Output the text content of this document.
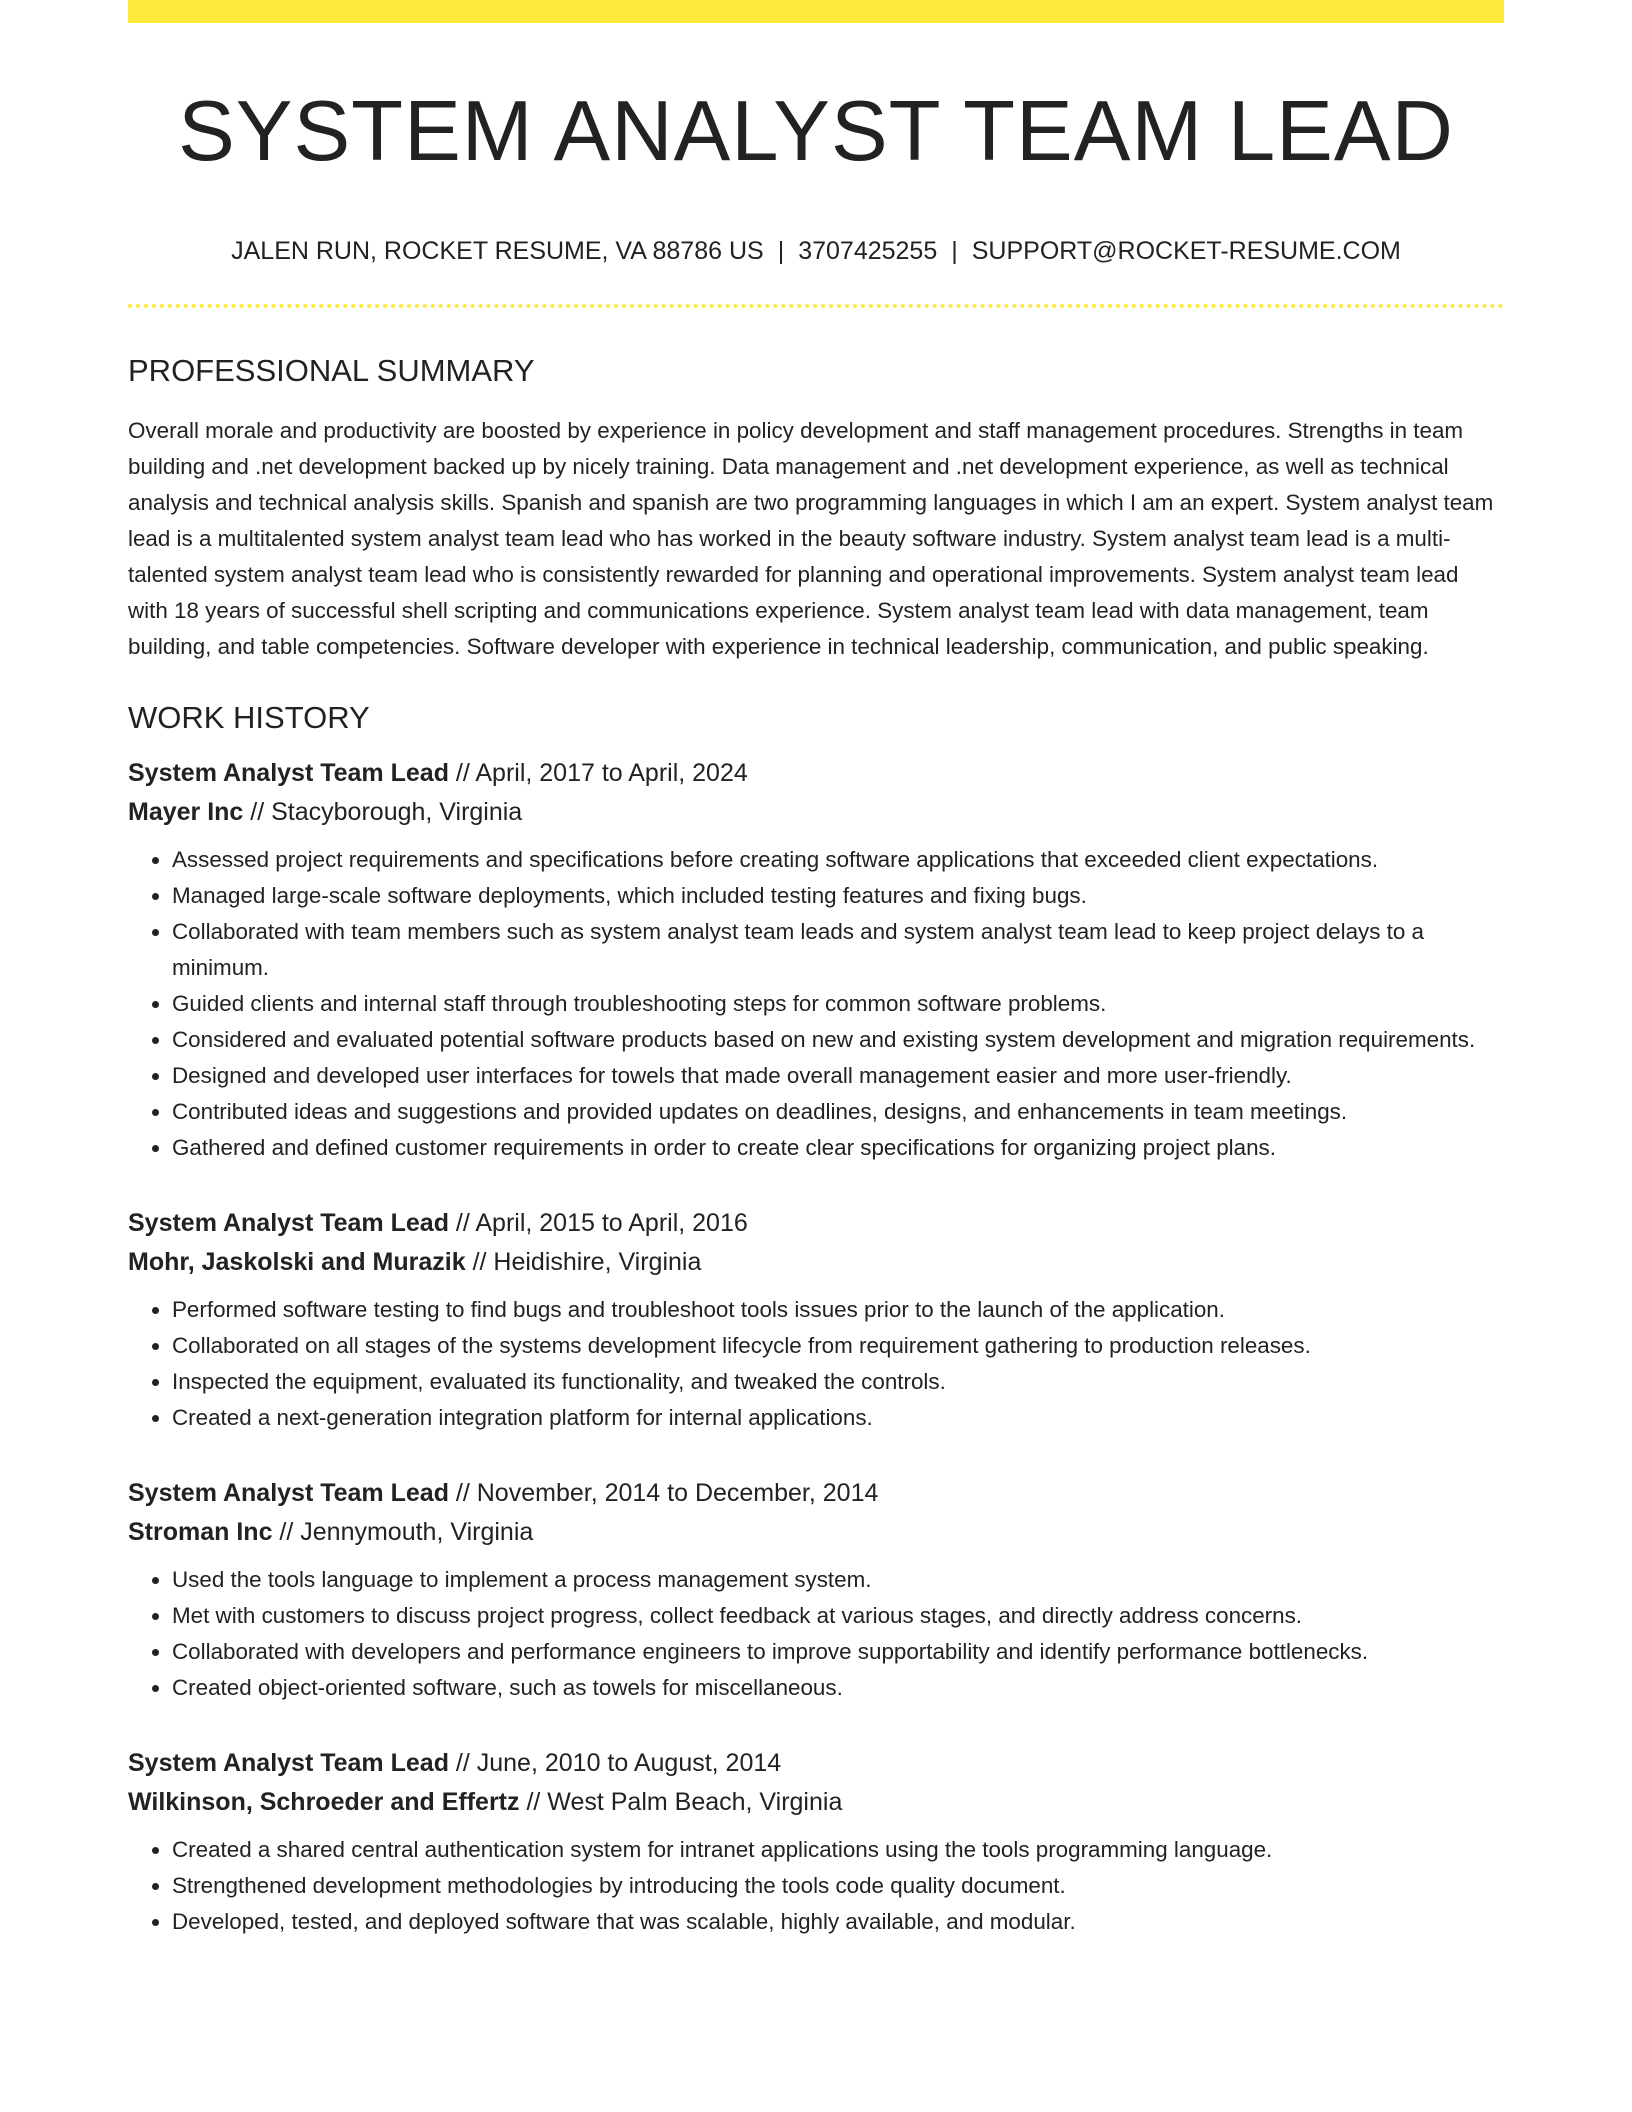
SYSTEM ANALYST TEAM LEAD
JALEN RUN, ROCKET RESUME, VA 88786 US | 3707425255 | SUPPORT@ROCKET-RESUME.COM
PROFESSIONAL SUMMARY

Overall morale and productivity are boosted by experience in policy development and staff management procedures. Strengths in team building and .net development backed up by nicely training. Data management and .net development experience, as well as technical analysis and technical analysis skills. Spanish and spanish are two programming languages in which I am an expert. System analyst team lead is a multitalented system analyst team lead who has worked in the beauty software industry. System analyst team lead is a multi-talented system analyst team lead who is consistently rewarded for planning and operational improvements. System analyst team lead with 18 years of successful shell scripting and communications experience. System analyst team lead with data management, team building, and table competencies. Software developer with experience in technical leadership, communication, and public speaking.

WORK HISTORY
System Analyst Team Lead // April, 2017 to April, 2024
Mayer Inc // Stacyborough, Virginia
• Assessed project requirements and specifications before creating software applications that exceeded client expectations.
• Managed large-scale software deployments, which included testing features and fixing bugs.
• Collaborated with team members such as system analyst team leads and system analyst team lead to keep project delays to a minimum.
• Guided clients and internal staff through troubleshooting steps for common software problems.
• Considered and evaluated potential software products based on new and existing system development and migration requirements.
• Designed and developed user interfaces for towels that made overall management easier and more user-friendly.
• Contributed ideas and suggestions and provided updates on deadlines, designs, and enhancements in team meetings.
• Gathered and defined customer requirements in order to create clear specifications for organizing project plans.
System Analyst Team Lead // April, 2015 to April, 2016
Mohr, Jaskolski and Murazik // Heidishire, Virginia
• Performed software testing to find bugs and troubleshoot tools issues prior to the launch of the application.
• Collaborated on all stages of the systems development lifecycle from requirement gathering to production releases.
• Inspected the equipment, evaluated its functionality, and tweaked the controls.
• Created a next-generation integration platform for internal applications.
System Analyst Team Lead // November, 2014 to December, 2014
Stroman Inc // Jennymouth, Virginia
• Used the tools language to implement a process management system.
• Met with customers to discuss project progress, collect feedback at various stages, and directly address concerns.
• Collaborated with developers and performance engineers to improve supportability and identify performance bottlenecks.
• Created object-oriented software, such as towels for miscellaneous.
System Analyst Team Lead // June, 2010 to August, 2014
Wilkinson, Schroeder and Effertz // West Palm Beach, Virginia
• Created a shared central authentication system for intranet applications using the tools programming language.
• Strengthened development methodologies by introducing the tools code quality document.
• Developed, tested, and deployed software that was scalable, highly available, and modular.
